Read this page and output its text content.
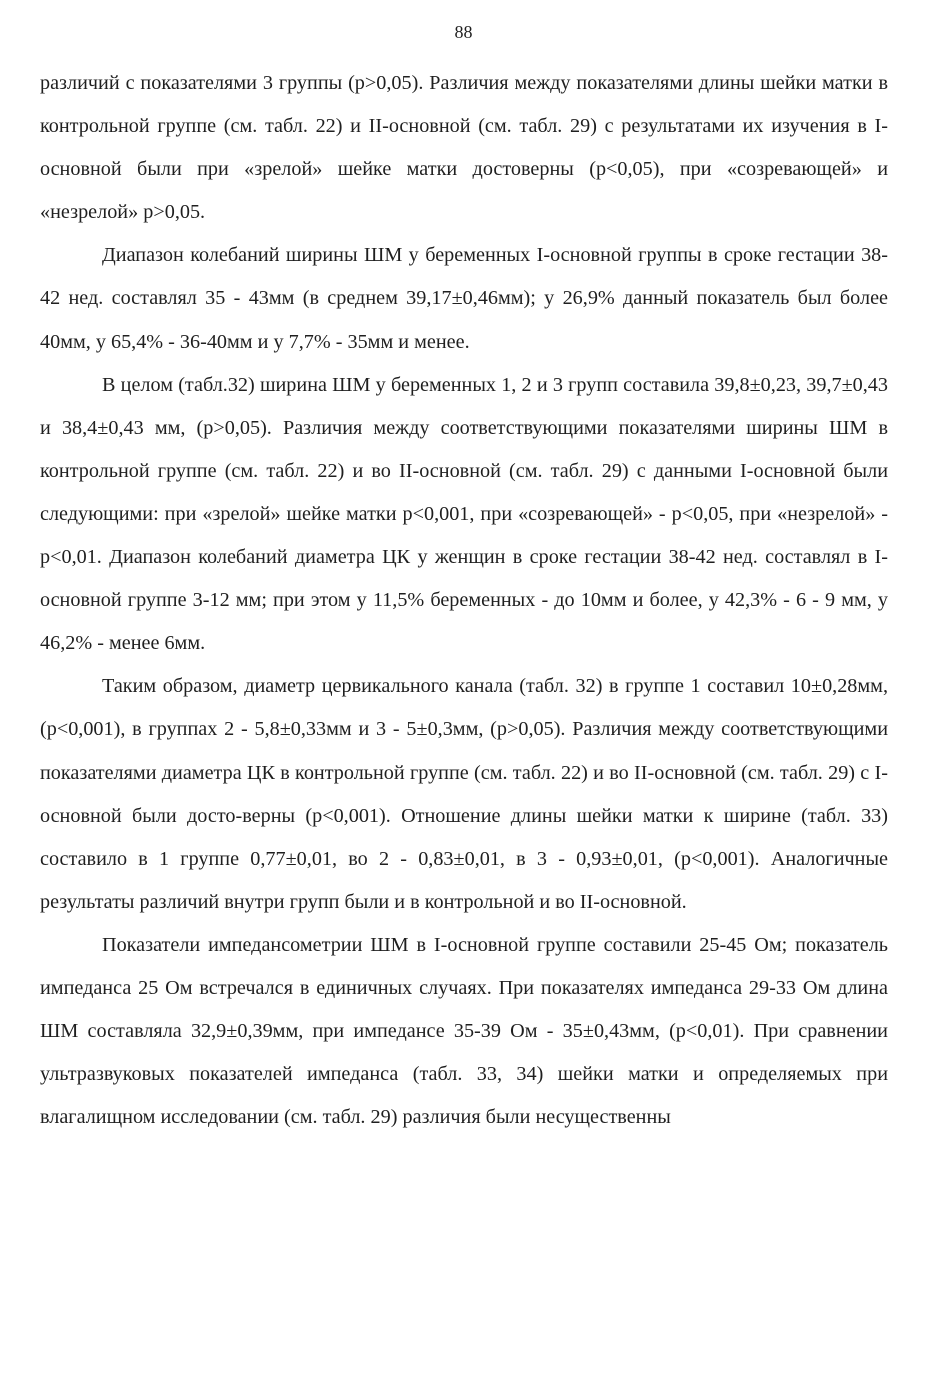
88

различий с показателями 3 группы (p>0,05). Различия между показателями длины шейки матки в контрольной группе (см. табл. 22) и II-основной (см. табл. 29) с результатами их изучения в I-основной были при «зрелой» шейке матки достоверны (р<0,05), при «созревающей» и «незрелой» р>0,05.

Диапазон колебаний ширины ШМ у беременных I-основной группы в сроке гестации 38-42 нед. составлял 35 - 43мм (в среднем 39,17±0,46мм); у 26,9% данный показатель был более 40мм, у 65,4% - 36-40мм и у 7,7% - 35мм и менее.

В целом (табл.32) ширина ШМ у беременных 1, 2 и 3 групп составила 39,8±0,23, 39,7±0,43 и 38,4±0,43 мм, (р>0,05). Различия между соответствующими показателями ширины ШМ в контрольной группе (см. табл. 22) и во II-основной (см. табл. 29) с данными I-основной были следующими: при «зрелой» шейке матки р<0,001, при «созревающей» - р<0,05, при «незрелой» - р<0,01. Диапазон колебаний диаметра ЦК у женщин в сроке гестации 38-42 нед. составлял в I-основной группе 3-12 мм; при этом у 11,5% беременных - до 10мм и более, у 42,3% - 6 - 9 мм, у 46,2% - менее 6мм.

Таким образом, диаметр цервикального канала (табл. 32) в группе 1 составил 10±0,28мм, (р<0,001), в группах 2 - 5,8±0,33мм и 3 - 5±0,3мм, (р>0,05). Различия между соответствующими показателями диаметра ЦК в контрольной группе (см. табл. 22) и во II-основной (см. табл. 29) с I-основной были досто-верны (р<0,001). Отношение длины шейки матки к ширине (табл. 33) составило в 1 группе 0,77±0,01, во 2 - 0,83±0,01, в 3 - 0,93±0,01, (р<0,001). Аналогичные результаты различий внутри групп были и в контрольной и во II-основной.

Показатели импедансометрии ШМ в I-основной группе составили 25-45 Ом; показатель импеданса 25 Ом встречался в единичных случаях. При показателях импеданса 29-33 Ом длина ШМ составляла 32,9±0,39мм, при импедансе 35-39 Ом - 35±0,43мм, (р<0,01). При сравнении ультразвуковых показателей импеданса (табл. 33, 34) шейки матки и определяемых при влагалищном исследовании (см. табл. 29) различия были несущественны
